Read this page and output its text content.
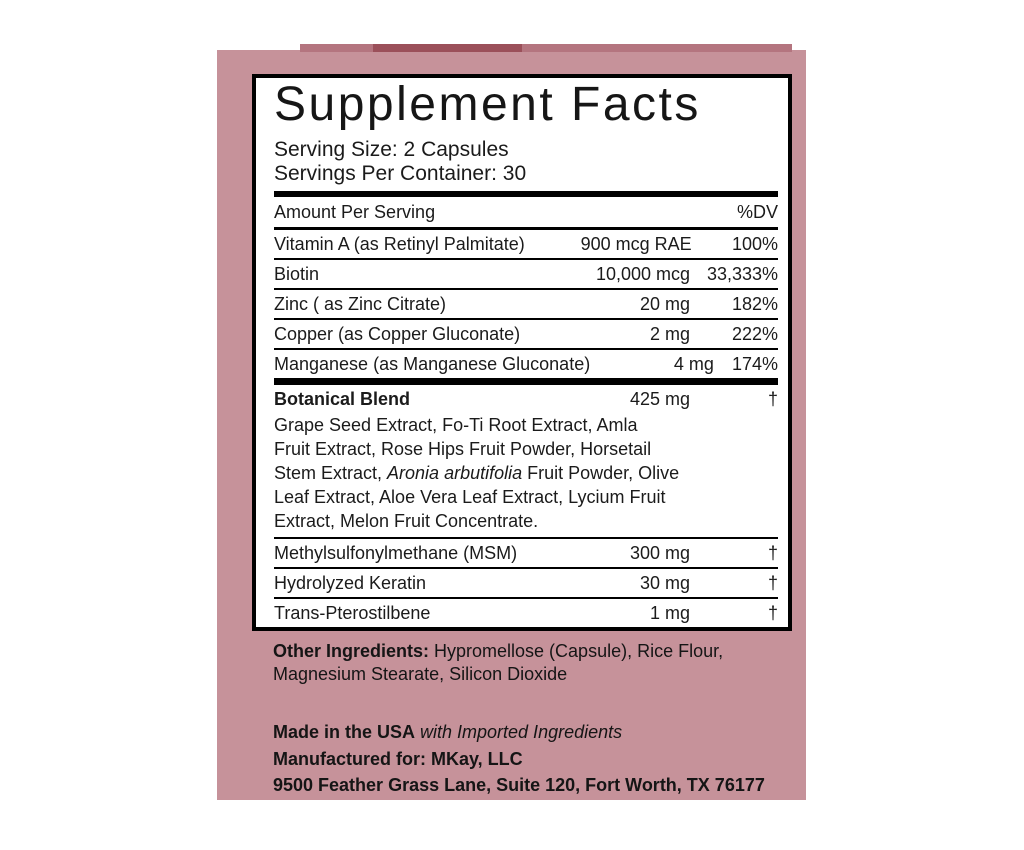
Supplement Facts
Serving Size: 2 Capsules
Servings Per Container: 30
Amount Per Serving	%DV
Vitamin A (as Retinyl Palmitate)	900 mcg RAE	100%
Biotin	10,000 mcg 33,333%
Zinc ( as Zinc Citrate)	20 mg	182%
Copper (as Copper Gluconate)	2 mg	222%
Manganese (as Manganese Gluconate)	4 mg	174%
Botanical Blend	425 mg	†
Grape Seed Extract, Fo-Ti Root Extract, Amla
Fruit Extract, Rose Hips Fruit Powder, Horsetail
Stem Extract, Aronia arbutifolia Fruit Powder, Olive
Leaf Extract, Aloe Vera Leaf Extract, Lycium Fruit
Extract, Melon Fruit Concentrate.
Methylsulfonylmethane (MSM)	300 mg	†
Hydrolyzed Keratin	30 mg	†
Trans-Pterostilbene	1 mg	†
Other Ingredients: Hypromellose (Capsule), Rice Flour,
Magnesium Stearate, Silicon Dioxide
Made in the USA with Imported Ingredients
Manufactured for: MKay, LLC
9500 Feather Grass Lane, Suite 120, Fort Worth, TX 76177
